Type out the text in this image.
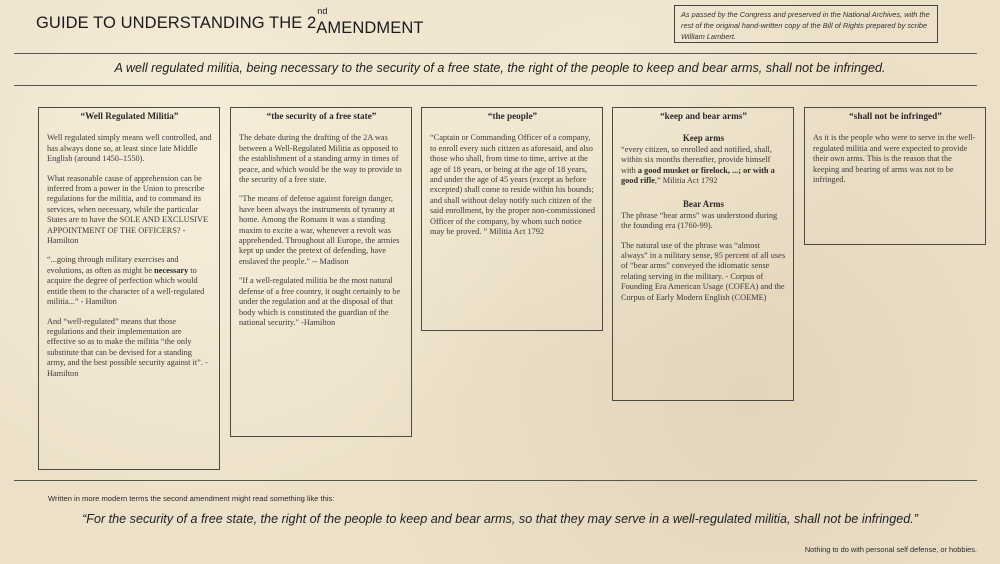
GUIDE TO UNDERSTANDING THE 2
nd
AMENDMENT
As passed by the Congress and preserved in the National Archives, with the rest of the original hand-written copy of the Bill of Rights prepared by scribe William Lambert.
A well regulated militia, being necessary to the security of a free state, the right of the people to keep and bear arms, shall not be infringed.
“Well Regulated Militia”

Well regulated simply means well controlled, and has always done so, at least since late Middle English (around 1450–1550).

What reasonable cause of apprehension can be inferred from a power in the Union to prescribe regulations for the militia, and to command its services, when necessary, while the particular States are to have the SOLE AND EXCLUSIVE APPOINTMENT OF THE OFFICERS? - Hamilton

“...going through military exercises and evolutions, as often as might be necessary to acquire the degree of perfection which would entitle them to the character of a well-regulated militia...” - Hamilton

And “well-regulated” means that those regulations and their implementation are effective so as to make the militia “the only substitute that can be devised for a standing army, and the best possible security against it”. -Hamilton

“the security of a free state”

The debate during the drafting of the 2A was between a Well-Regulated Militia as opposed to the establishment of a standing army in times of peace, and which would be the way to provide to the security of a free state.

"The means of defense against foreign danger, have been always the instruments of tyranny at home. Among the Romans it was a standing maxim to excite a war, whenever a revolt was apprehended. Throughout all Europe, the armies kept up under the pretext of defending, have enslaved the people." -- Madison

"If a well-regulated militia be the most natural defense of a free country, it ought certainly to be under the regulation and at the disposal of that body which is constituted the guardian of the national security." -Hamilton

“the people”

“Captain or Commanding Officer of a company, to enroll every such citizen as aforesaid, and also those who shall, from time to time, arrive at the age of 18 years, or being at the age of 18 years, and under the age of 45 years (except as before excepted) shall come to reside within his bounds; and shall without delay notify such citizen of the said enrollment, by the proper non-commissioned Officer of the company, by whom such notice may be proved. ” Militia Act 1792

“keep and bear arms”

Keep arms

“every citizen, so enrolled and notified, shall, within six months thereafter, provide himself with a good musket or firelock, ...; or with a good rifle,” Militia Act 1792

Bear Arms

The phrase “bear arms” was understood during the founding era (1760-99).

The natural use of the phrase was “almost always” in a military sense, 95 percent of all uses of “bear arms” conveyed the idiomatic sense relating serving in the military. - Corpus of Founding Era American Usage (COFEA) and the Corpus of Early Modern English (COEME)

“shall not be infringed”

As it is the people who were to serve in the well-regulated militia and were expected to provide their own arms. This is the reason that the keeping and bearing of arms was not to be infringed.

Written in more modern terms the second amendment might read something like this:
“For the security of a free state, the right of the people to keep and bear arms, so that they may serve in a well-regulated militia, shall not be infringed.”
Nothing to do with personal self defense, or hobbies.
